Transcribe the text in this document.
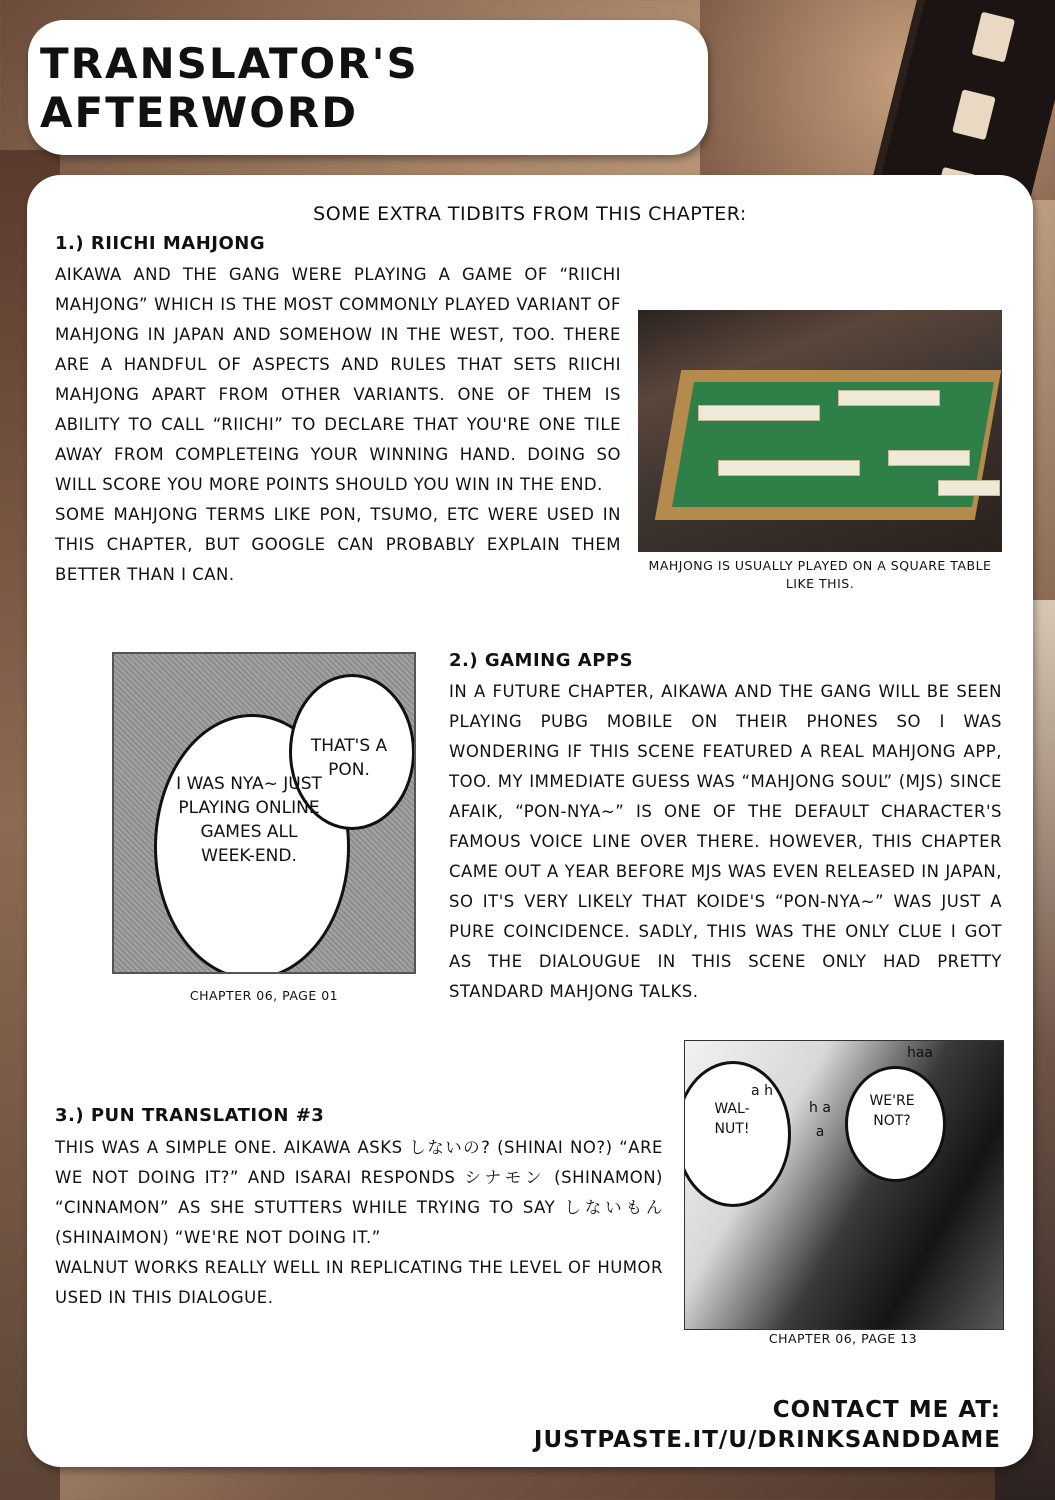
TRANSLATOR'S AFTERWORD
SOME EXTRA TIDBITS FROM THIS CHAPTER:
1.) RIICHI MAHJONG

AIKAWA AND THE GANG WERE PLAYING A GAME OF “RIICHI MAHJONG” WHICH IS THE MOST COMMONLY PLAYED VARIANT OF MAHJONG IN JAPAN AND SOMEHOW IN THE WEST, TOO. THERE ARE A HANDFUL OF ASPECTS AND RULES THAT SETS RIICHI MAHJONG APART FROM OTHER VARIANTS. ONE OF THEM IS ABILITY TO CALL “RIICHI” TO DECLARE THAT YOU'RE ONE TILE AWAY FROM COMPLETEING YOUR WINNING HAND. DOING SO WILL SCORE YOU MORE POINTS SHOULD YOU WIN IN THE END.

SOME MAHJONG TERMS LIKE PON, TSUMO, ETC WERE USED IN THIS CHAPTER, BUT GOOGLE CAN PROBABLY EXPLAIN THEM BETTER THAN I CAN.	MAHJONG IS USUALLY PLAYED ON A SQUARE TABLE LIKE THIS.
I WAS NYA~ JUST PLAYING ONLINE GAMES ALL WEEK-END.
THAT'S A PON.
CHAPTER 06, PAGE 01
2.) GAMING APPS

IN A FUTURE CHAPTER, AIKAWA AND THE GANG WILL BE SEEN PLAYING PUBG MOBILE ON THEIR PHONES SO I WAS WONDERING IF THIS SCENE FEATURED A REAL MAHJONG APP, TOO. MY IMMEDIATE GUESS WAS “MAHJONG SOUL” (MJS) SINCE AFAIK, “PON-NYA~” IS ONE OF THE DEFAULT CHARACTER'S FAMOUS VOICE LINE OVER THERE. HOWEVER, THIS CHAPTER CAME OUT A YEAR BEFORE MJS WAS EVEN RELEASED IN JAPAN, SO IT'S VERY LIKELY THAT KOIDE'S “PON-NYA~” WAS JUST A PURE COINCIDENCE. SADLY, THIS WAS THE ONLY CLUE I GOT AS THE DIALOUGUE IN THIS SCENE ONLY HAD PRETTY STANDARD MAHJONG TALKS.

3.) PUN TRANSLATION #3

THIS WAS A SIMPLE ONE. AIKAWA ASKS しないの? (SHINAI NO?) “ARE WE NOT DOING IT?” AND ISARAI RESPONDS シナモン (SHINAMON) “CINNAMON” AS SHE STUTTERS WHILE TRYING TO SAY しないもん (SHINAIMON) “WE'RE NOT DOING IT.”

WALNUT WORKS REALLY WELL IN REPLICATING THE LEVEL OF HUMOR USED IN THIS DIALOGUE.

WAL-NUT!
WE'RE NOT?
haa
a h
h a a
CHAPTER 06, PAGE 13
CONTACT ME AT:
JUSTPASTE.IT/U/DRINKSANDDAME
